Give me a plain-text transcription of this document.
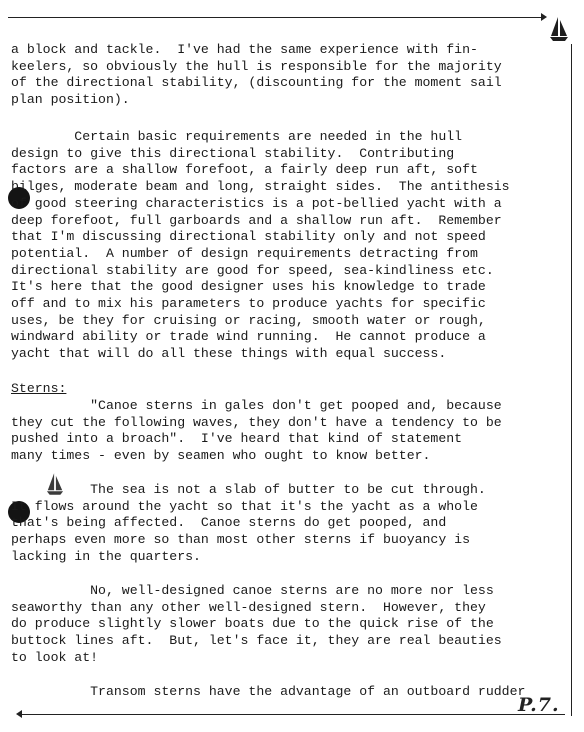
a block and tackle.  I've had the same experience with fin-
keelers, so obviously the hull is responsible for the majority
of the directional stability, (discounting for the moment sail
plan position).

Certain basic requirements are needed in the hull
design to give this directional stability.  Contributing
factors are a shallow forefoot, a fairly deep run aft, soft
bilges, moderate beam and long, straight sides.  The antithesis
of good steering characteristics is a pot-bellied yacht with a
deep forefoot, full garboards and a shallow run aft.  Remember
that I'm discussing directional stability only and not speed
potential.  A number of design requirements detracting from
directional stability are good for speed, sea-kindliness etc.
It's here that the good designer uses his knowledge to trade
off and to mix his parameters to produce yachts for specific
uses, be they for cruising or racing, smooth water or rough,
windward ability or trade wind running.  He cannot produce a
yacht that will do all these things with equal success.

Sterns:

"Canoe sterns in gales don't get pooped and, because
they cut the following waves, they don't have a tendency to be
pushed into a broach".  I've heard that kind of statement
many times - even by seamen who ought to know better.

The sea is not a slab of butter to be cut through.
It flows around the yacht so that it's the yacht as a whole
that's being affected.  Canoe sterns do get pooped, and
perhaps even more so than most other sterns if buoyancy is
lacking in the quarters.

No, well-designed canoe sterns are no more nor less
seaworthy than any other well-designed stern.  However, they
do produce slightly slower boats due to the quick rise of the
buttock lines aft.  But, let's face it, they are real beauties
to look at!

Transom sterns have the advantage of an outboard rudder

P.7.
